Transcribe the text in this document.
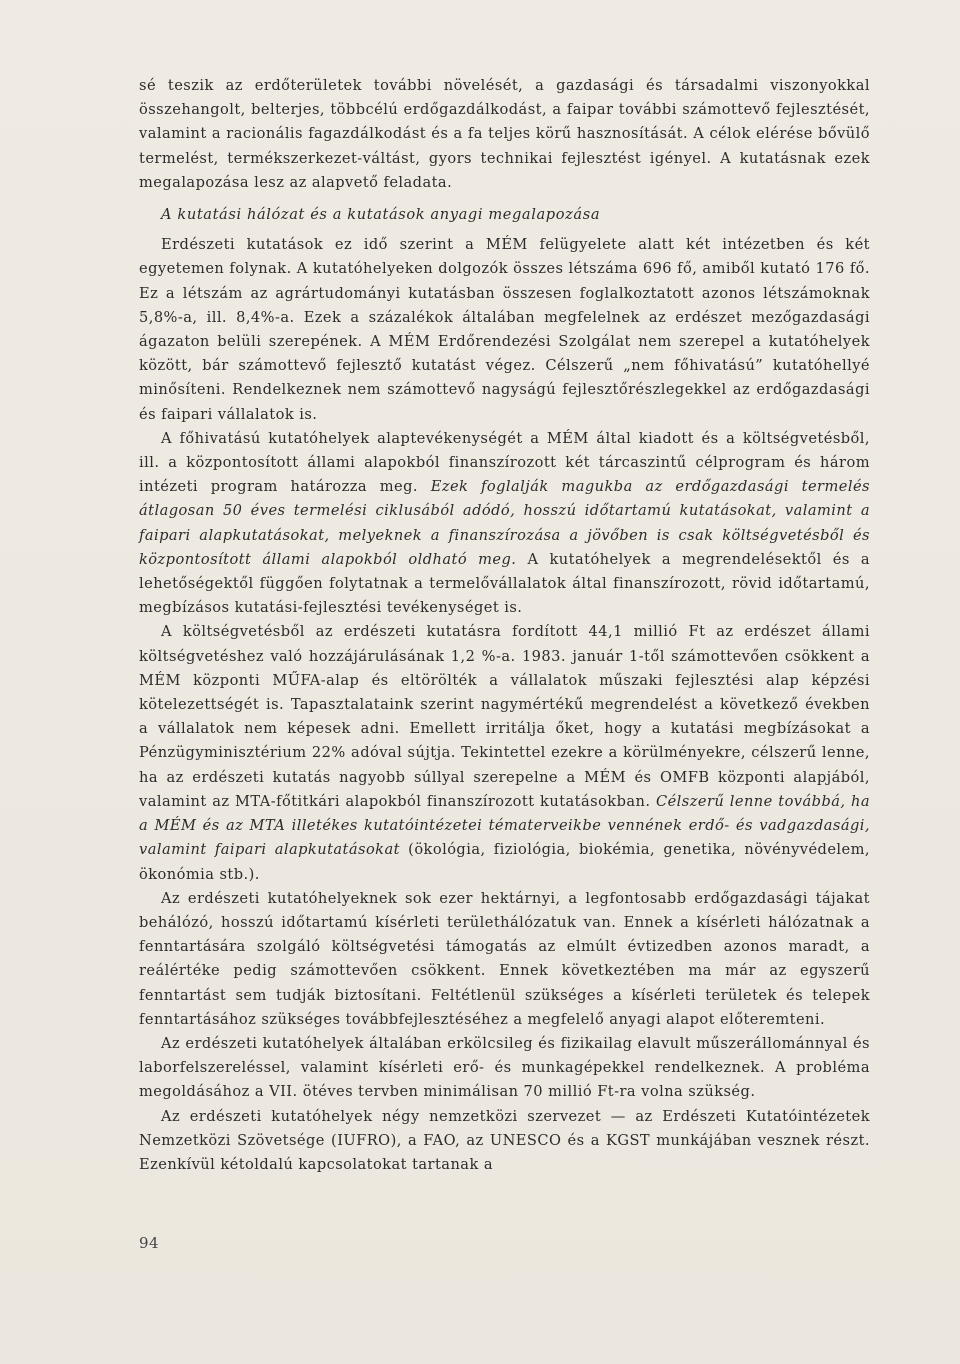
sé teszik az erdőterületek további növelését, a gazdasági és társadalmi viszonyokkal összehangolt, belterjes, többcélú erdőgazdálkodást, a faipar további számottevő fejlesztését, valamint a racionális fagazdálkodást és a fa teljes körű hasznosítását. A célok elérése bővülő termelést, termékszerkezet-váltást, gyors technikai fejlesztést igényel. A kutatásnak ezek megalapozása lesz az alapvető feladata.

A kutatási hálózat és a kutatások anyagi megalapozása

Erdészeti kutatások ez idő szerint a MÉM felügyelete alatt két intézetben és két egyetemen folynak. A kutatóhelyeken dolgozók összes létszáma 696 fő, amiből kutató 176 fő. Ez a létszám az agrártudományi kutatásban összesen foglalkoztatott azonos létszámoknak 5,8%-a, ill. 8,4%-a. Ezek a százalékok általában megfelelnek az erdészet mezőgazdasági ágazaton belüli szerepének. A MÉM Erdőrendezési Szolgálat nem szerepel a kutatóhelyek között, bár számottevő fejlesztő kutatást végez. Célszerű „nem főhivatású” kutatóhellyé minősíteni. Rendelkeznek nem számottevő nagyságú fejlesztőrészlegekkel az erdőgazdasági és faipari vállalatok is.

A főhivatású kutatóhelyek alaptevékenységét a MÉM által kiadott és a költségvetésből, ill. a központosított állami alapokból finanszírozott két tárcaszintű célprogram és három intézeti program határozza meg. Ezek foglalják magukba az erdőgazdasági termelés átlagosan 50 éves termelési ciklusából adódó, hosszú időtartamú kutatásokat, valamint a faipari alapkutatásokat, melyeknek a finanszírozása a jövőben is csak költségvetésből és központosított állami alapokból oldható meg. A kutatóhelyek a megrendelésektől és a lehetőségektől függően folytatnak a termelővállalatok által finanszírozott, rövid időtartamú, megbízásos kutatási-fejlesztési tevékenységet is.

A költségvetésből az erdészeti kutatásra fordított 44,1 millió Ft az erdészet állami költségvetéshez való hozzájárulásának 1,2 %-a. 1983. január 1-től számottevően csökkent a MÉM központi MŰFA-alap és eltörölték a vállalatok műszaki fejlesztési alap képzési kötelezettségét is. Tapasztalataink szerint nagymértékű megrendelést a következő években a vállalatok nem képesek adni. Emellett irritálja őket, hogy a kutatási megbízásokat a Pénzügyminisztérium 22% adóval sújtja. Tekintettel ezekre a körülményekre, célszerű lenne, ha az erdészeti kutatás nagyobb súllyal szerepelne a MÉM és OMFB központi alapjából, valamint az MTA-főtitkári alapokból finanszírozott kutatásokban. Célszerű lenne továbbá, ha a MÉM és az MTA illetékes kutatóintézetei tématerveikbe vennének erdő- és vadgazdasági, valamint faipari alapkutatásokat (ökológia, fiziológia, biokémia, genetika, növényvédelem, ökonómia stb.).

Az erdészeti kutatóhelyeknek sok ezer hektárnyi, a legfontosabb erdőgazdasági tájakat behálózó, hosszú időtartamú kísérleti területhálózatuk van. Ennek a kísérleti hálózatnak a fenntartására szolgáló költségvetési támogatás az elmúlt évtizedben azonos maradt, a reálértéke pedig számottevően csökkent. Ennek következtében ma már az egyszerű fenntartást sem tudják biztosítani. Feltétlenül szükséges a kísérleti területek és telepek fenntartásához szükséges továbbfejlesztéséhez a megfelelő anyagi alapot előteremteni.

Az erdészeti kutatóhelyek általában erkölcsileg és fizikailag elavult műszerállománnyal és laborfelszereléssel, valamint kísérleti erő- és munkagépekkel rendelkeznek. A probléma megoldásához a VII. ötéves tervben minimálisan 70 millió Ft-ra volna szükség.

Az erdészeti kutatóhelyek négy nemzetközi szervezet — az Erdészeti Kutatóintézetek Nemzetközi Szövetsége (IUFRO), a FAO, az UNESCO és a KGST munkájában vesznek részt. Ezenkívül kétoldalú kapcsolatokat tartanak a

94
